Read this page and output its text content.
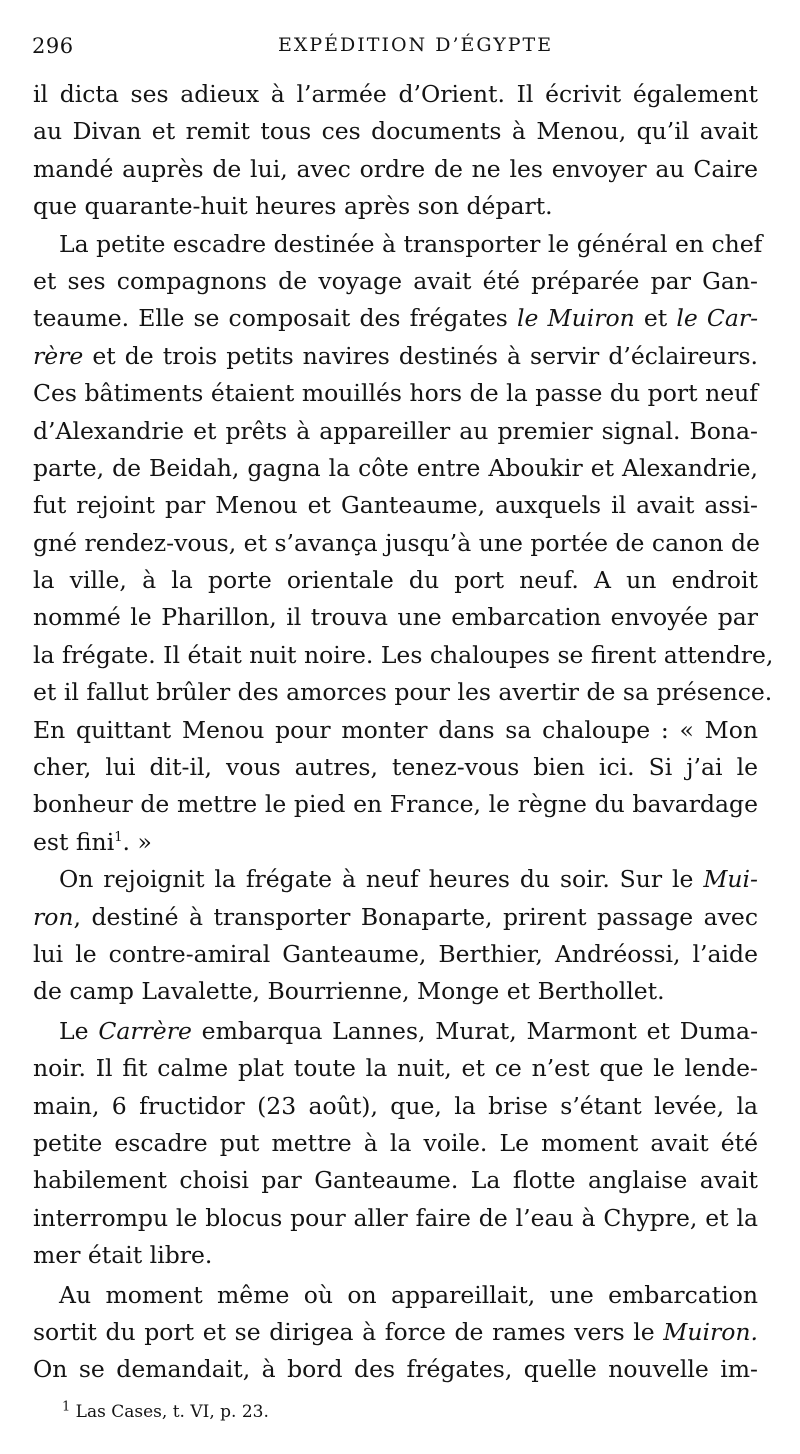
296	EXPÉDITION D’ÉGYPTE
il dicta ses adieux à l’armée d’Orient. Il écrivit également
au Divan et remit tous ces documents à Menou, qu’il avait
mandé auprès de lui, avec ordre de ne les envoyer au Caire
que quarante-huit heures après son départ.
La petite escadre destinée à transporter le général en chef
et ses compagnons de voyage avait été préparée par Gan-
teaume. Elle se composait des frégates le Muiron et le Car-
rère et de trois petits navires destinés à servir d’éclaireurs.
Ces bâtiments étaient mouillés hors de la passe du port neuf
d’Alexandrie et prêts à appareiller au premier signal. Bona-
parte, de Beidah, gagna la côte entre Aboukir et Alexandrie,
fut rejoint par Menou et Ganteaume, auxquels il avait assi-
gné rendez-vous, et s’avança jusqu’à une portée de canon de
la ville, à la porte orientale du port neuf. A un endroit
nommé le Pharillon, il trouva une embarcation envoyée par
la frégate. Il était nuit noire. Les chaloupes se firent attendre,
et il fallut brûler des amorces pour les avertir de sa présence.
En quittant Menou pour monter dans sa chaloupe : « Mon
cher, lui dit-il, vous autres, tenez-vous bien ici. Si j’ai le
bonheur de mettre le pied en France, le règne du bavardage
est fini$^1$. »
On rejoignit la frégate à neuf heures du soir. Sur le Mui-
ron, destiné à transporter Bonaparte, prirent passage avec
lui le contre-amiral Ganteaume, Berthier, Andréossi, l’aide
de camp Lavalette, Bourrienne, Monge et Berthollet.
Le Carrère embarqua Lannes, Murat, Marmont et Duma-
noir. Il fit calme plat toute la nuit, et ce n’est que le lende-
main, 6 fructidor (23 août), que, la brise s’étant levée, la
petite escadre put mettre à la voile. Le moment avait été
habilement choisi par Ganteaume. La flotte anglaise avait
interrompu le blocus pour aller faire de l’eau à Chypre, et la
mer était libre.
Au moment même où on appareillait, une embarcation
sortit du port et se dirigea à force de rames vers le Muiron.
On se demandait, à bord des frégates, quelle nouvelle im-
$^1$ Las Cases, t. VI, p. 23.
